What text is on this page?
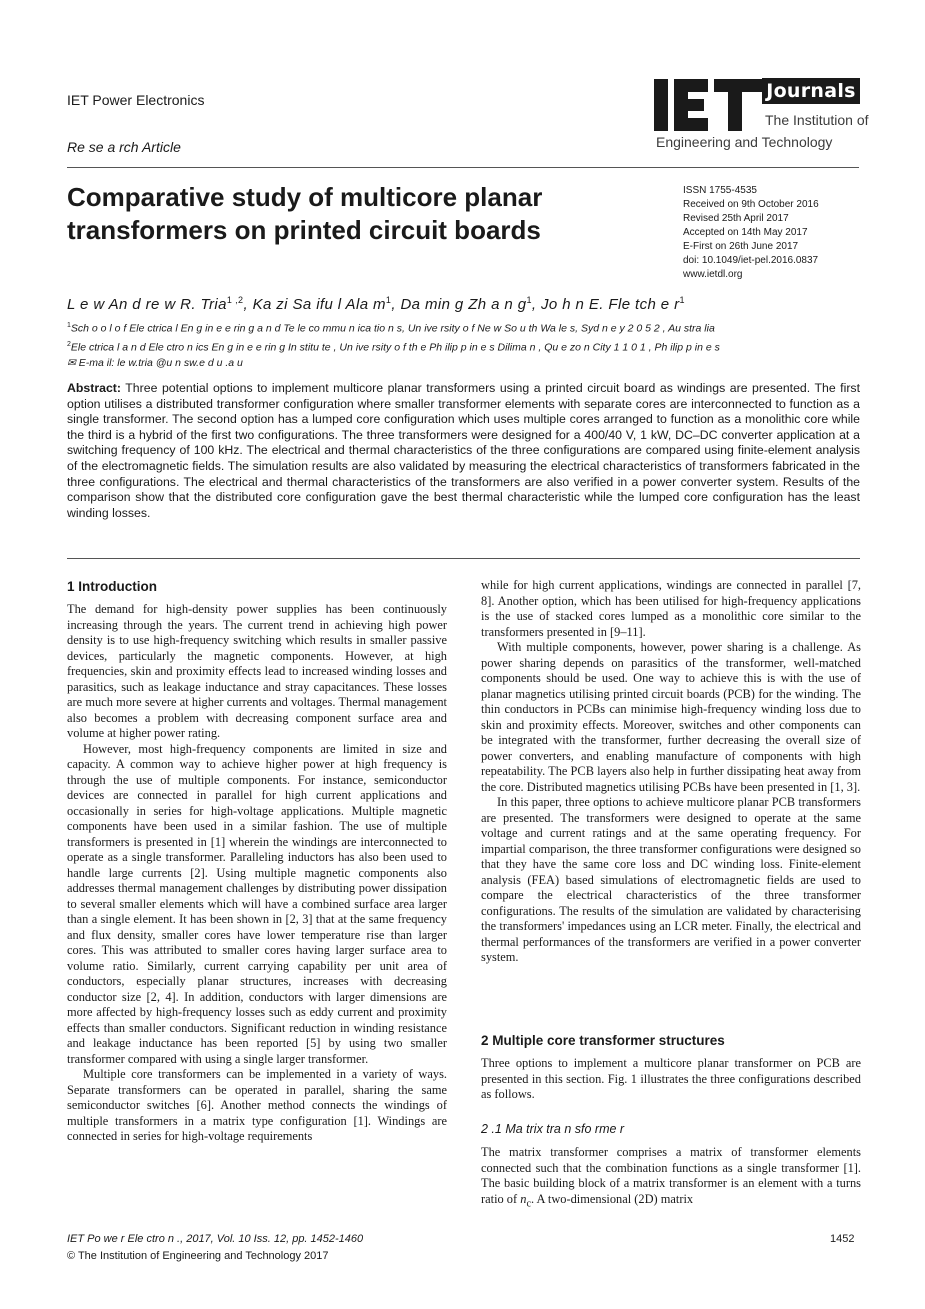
IET Power Electronics
Re se a rch Article
Journals
The Institution of
Engineering and Technology
Comparative study of multicore planar transformers on printed circuit boards
ISSN 1755-4535
Received on 9th October 2016
Revised 25th April 2017
Accepted on 14th May 2017
E-First on 26th June 2017
doi: 10.1049/iet-pel.2016.0837
www.ietdl.org
L e w An d re w R. Tria$^{1 ,2}$, Ka zi Sa ifu l Ala $m^1$, Da min g Zh a n $g^1$, Jo h n E. Fle tch e $r^1$
$^1$Sch o o l o f Ele ctrica l En g in e e rin g a n d Te le co mmu n ica tio n s, Un ive rsity o f Ne w So u th Wa le s, Syd n e y 2 0 5 2 , Au stra lia
$^2$Ele ctrica l a n d Ele ctro n ics En g in e e rin g In stitu te , Un ive rsity o f th e Ph ilip p in e s Dilima n , Qu e zo n City 1 1 0 1 , Ph ilip p in e s
✉ E-ma il: le w.tria @u n sw.e d u .a u
Abstract: Three potential options to implement multicore planar transformers using a printed circuit board as windings are presented. The first option utilises a distributed transformer configuration where smaller transformer elements with separate cores are interconnected to function as a single transformer. The second option has a lumped core configuration which uses multiple cores arranged to function as a monolithic core while the third is a hybrid of the first two configurations. The three transformers were designed for a 400/40 V, 1 kW, DC–DC converter application at a switching frequency of 100 kHz. The electrical and thermal characteristics of the three configurations are compared using finite-element analysis of the electromagnetic fields. The simulation results are also validated by measuring the electrical characteristics of transformers fabricated in the three configurations. The electrical and thermal characteristics of the transformers are also verified in a power converter system. Results of the comparison show that the distributed core configuration gave the best thermal characteristic while the lumped core configuration has the least winding losses.
1 Introduction

The demand for high-density power supplies has been continuously increasing through the years. The current trend in achieving high power density is to use high-frequency switching which results in smaller passive devices, particularly the magnetic components. However, at high frequencies, skin and proximity effects lead to increased winding losses and parasitics, such as leakage inductance and stray capacitances. These losses are much more severe at higher currents and voltages. Thermal management also becomes a problem with decreasing component surface area and volume at higher power rating.

However, most high-frequency components are limited in size and capacity. A common way to achieve higher power at high frequency is through the use of multiple components. For instance, semiconductor devices are connected in parallel for high current applications and occasionally in series for high-voltage applications. Multiple magnetic components have been used in a similar fashion. The use of multiple transformers is presented in [1] wherein the windings are interconnected to operate as a single transformer. Paralleling inductors has also been used to handle large currents [2]. Using multiple magnetic components also addresses thermal management challenges by distributing power dissipation to several smaller elements which will have a combined surface area larger than a single element. It has been shown in [2, 3] that at the same frequency and flux density, smaller cores have lower temperature rise than larger cores. This was attributed to smaller cores having larger surface area to volume ratio. Similarly, current carrying capability per unit area of conductors, especially planar structures, increases with decreasing conductor size [2, 4]. In addition, conductors with larger dimensions are more affected by high-frequency losses such as eddy current and proximity effects than smaller conductors. Significant reduction in winding resistance and leakage inductance has been reported [5] by using two smaller transformer compared with using a single larger transformer.

Multiple core transformers can be implemented in a variety of ways. Separate transformers can be operated in parallel, sharing the same semiconductor switches [6]. Another method connects the windings of multiple transformers in a matrix type configuration [1]. Windings are connected in series for high-voltage requirements

while for high current applications, windings are connected in parallel [7, 8]. Another option, which has been utilised for high-frequency applications is the use of stacked cores lumped as a monolithic core similar to the transformers presented in [9–11].

With multiple components, however, power sharing is a challenge. As power sharing depends on parasitics of the transformer, well-matched components should be used. One way to achieve this is with the use of planar magnetics utilising printed circuit boards (PCB) for the winding. The thin conductors in PCBs can minimise high-frequency winding loss due to skin and proximity effects. Moreover, switches and other components can be integrated with the transformer, further decreasing the overall size of power converters, and enabling manufacture of components with high repeatability. The PCB layers also help in further dissipating heat away from the core. Distributed magnetics utilising PCBs have been presented in [1, 3].

In this paper, three options to achieve multicore planar PCB transformers are presented. The transformers were designed to operate at the same voltage and current ratings and at the same operating frequency. For impartial comparison, the three transformer configurations were designed so that they have the same core loss and DC winding loss. Finite-element analysis (FEA) based simulations of electromagnetic fields are used to compare the electrical characteristics of the three transformer configurations. The results of the simulation are validated by characterising the transformers' impedances using an LCR meter. Finally, the electrical and thermal performances of the transformers are verified in a power converter system.

2 Multiple core transformer structures

Three options to implement a multicore planar transformer on PCB are presented in this section. Fig. 1 illustrates the three configurations described as follows.

2 .1 Ma trix tra n sfo rme r

The matrix transformer comprises a matrix of transformer elements connected such that the combination functions as a single transformer [1]. The basic building block of a matrix transformer is an element with a turns ratio of $n_c$. A two-dimensional (2D) matrix

IET Po we r Ele ctro n ., 2017, Vol. 10 Iss. 12, pp. 1452-1460
© The Institution of Engineering and Technology 2017
1452
